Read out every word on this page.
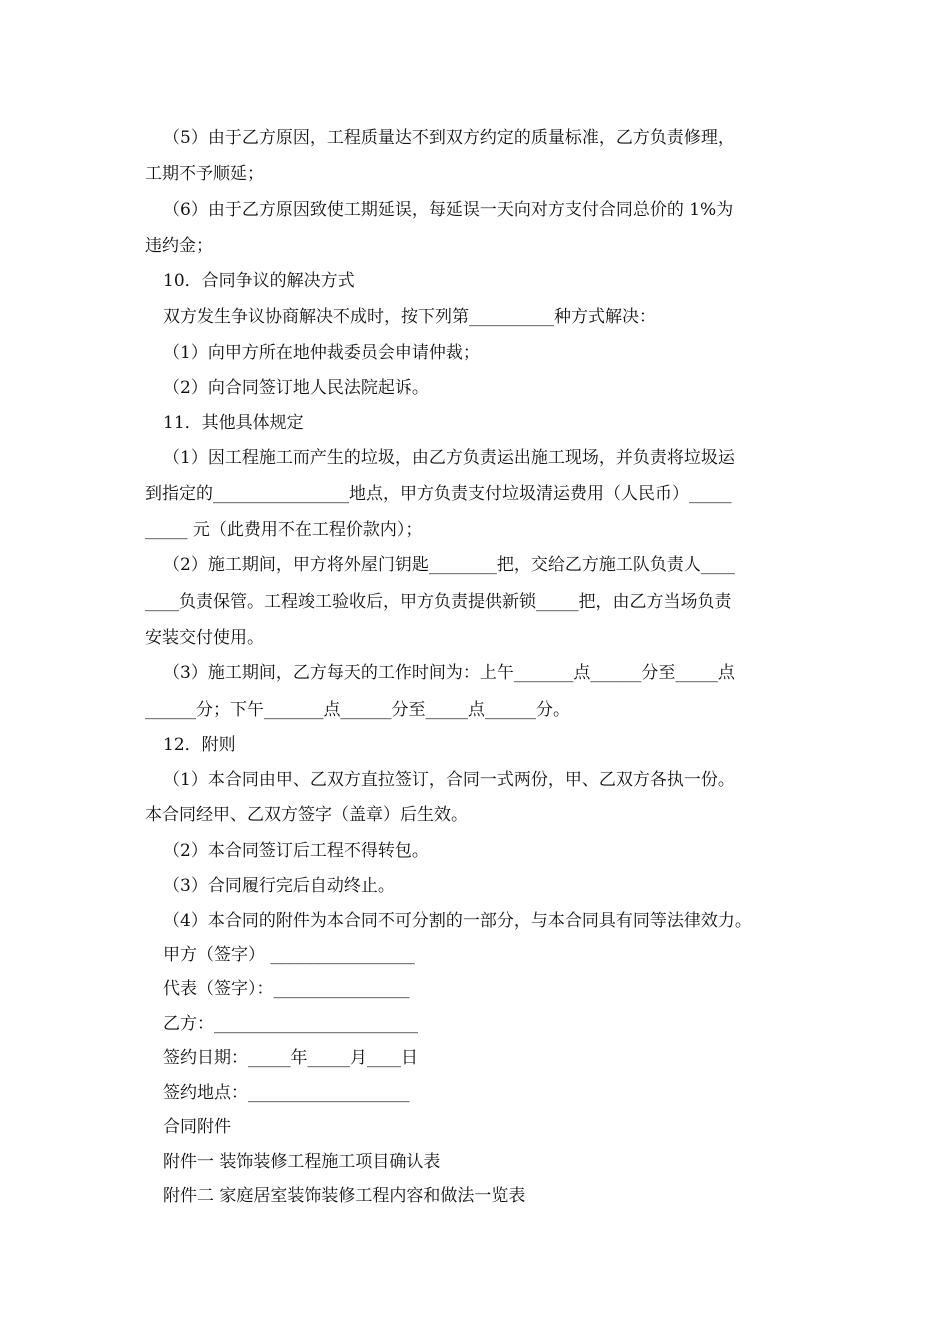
（5）由于乙方原因，工程质量达不到双方约定的质量标准，乙方负责修理，
工期不予顺延；
（6）由于乙方原因致使工期延误，每延误一天向对方支付合同总价的 1%为
违约金；
10．合同争议的解决方式
双方发生争议协商解决不成时，按下列第__________种方式解决：
（1）向甲方所在地仲裁委员会申请仲裁；
（2）向合同签订地人民法院起诉。
11．其他具体规定
（1）因工程施工而产生的垃圾，由乙方负责运出施工现场，并负责将垃圾运
到指定的________________地点，甲方负责支付垃圾清运费用（人民币）_____
_____ 元（此费用不在工程价款内）；
（2）施工期间，甲方将外屋门钥匙________把，交给乙方施工队负责人____
____负责保管。工程竣工验收后，甲方负责提供新锁_____把，由乙方当场负责
安装交付使用。
（3）施工期间，乙方每天的工作时间为：上午_______点______分至_____点
______分；下午_______点______分至_____点______分。
12．附则
（1）本合同由甲、乙双方直拉签订，合同一式两份，甲、乙双方各执一份。
本合同经甲、乙双方签字（盖章）后生效。
（2）本合同签订后工程不得转包。
（3）合同履行完后自动终止。
（4）本合同的附件为本合同不可分割的一部分，与本合同具有同等法律效力。
甲方（签字） _________________
代表（签字）：________________
乙方：________________________
签约日期：_____年_____月____日
签约地点：___________________
合同附件
附件一 装饰装修工程施工项目确认表
附件二 家庭居室装饰装修工程内容和做法一览表
